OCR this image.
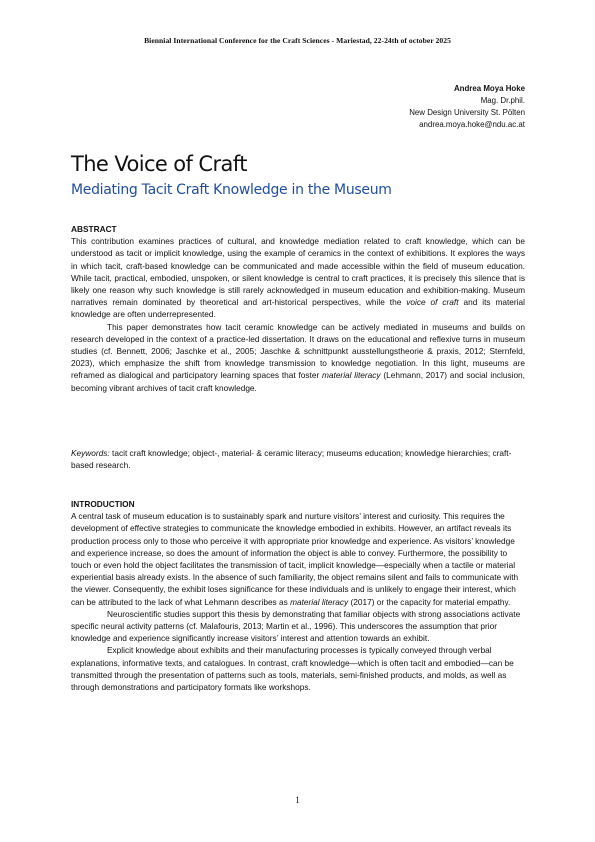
Biennial International Conference for the Craft Sciences - Mariestad, 22-24th of october 2025
Andrea Moya Hoke
Mag. Dr.phil.
New Design University St. Pölten
andrea.moya.hoke@ndu.ac.at
The Voice of Craft
Mediating Tacit Craft Knowledge in the Museum

ABSTRACT

This contribution examines practices of cultural, and knowledge mediation related to craft knowledge, which can be understood as tacit or implicit knowledge, using the example of ceramics in the context of exhibitions. It explores the ways in which tacit, craft-based knowledge can be communicated and made accessible within the field of museum education. While tacit, practical, embodied, unspoken, or silent knowledge is central to craft practices, it is precisely this silence that is likely one reason why such knowledge is still rarely acknowledged in museum education and exhibition-making. Museum narratives remain dominated by theoretical and art-historical perspectives, while the voice of craft and its material knowledge are often underrepresented.

This paper demonstrates how tacit ceramic knowledge can be actively mediated in museums and builds on research developed in the context of a practice-led dissertation. It draws on the educational and reflexive turns in museum studies (cf. Bennett, 2006; Jaschke et al., 2005; Jaschke & schnittpunkt ausstellungstheorie & praxis, 2012; Sternfeld, 2023), which emphasize the shift from knowledge transmission to knowledge negotiation. In this light, museums are reframed as dialogical and participatory learning spaces that foster material literacy (Lehmann, 2017) and social inclusion, becoming vibrant archives of tacit craft knowledge.

Keywords: tacit craft knowledge; object-, material- & ceramic literacy; museums education; knowledge hierarchies; craft-based research.

INTRODUCTION

A central task of museum education is to sustainably spark and nurture visitors’ interest and curiosity. This requires the development of effective strategies to communicate the knowledge embodied in exhibits. However, an artifact reveals its production process only to those who perceive it with appropriate prior knowledge and experience. As visitors’ knowledge and experience increase, so does the amount of information the object is able to convey. Furthermore, the possibility to touch or even hold the object facilitates the transmission of tacit, implicit knowledge—especially when a tactile or material experiential basis already exists. In the absence of such familiarity, the object remains silent and fails to communicate with the viewer. Consequently, the exhibit loses significance for these individuals and is unlikely to engage their interest, which can be attributed to the lack of what Lehmann describes as material literacy (2017) or the capacity for material empathy.

Neuroscientific studies support this thesis by demonstrating that familiar objects with strong associations activate specific neural activity patterns (cf. Malafouris, 2013; Martin et al., 1996). This underscores the assumption that prior knowledge and experience significantly increase visitors’ interest and attention towards an exhibit.

Explicit knowledge about exhibits and their manufacturing processes is typically conveyed through verbal explanations, informative texts, and catalogues. In contrast, craft knowledge—which is often tacit and embodied—can be transmitted through the presentation of patterns such as tools, materials, semi-finished products, and molds, as well as through demonstrations and participatory formats like workshops.

1
